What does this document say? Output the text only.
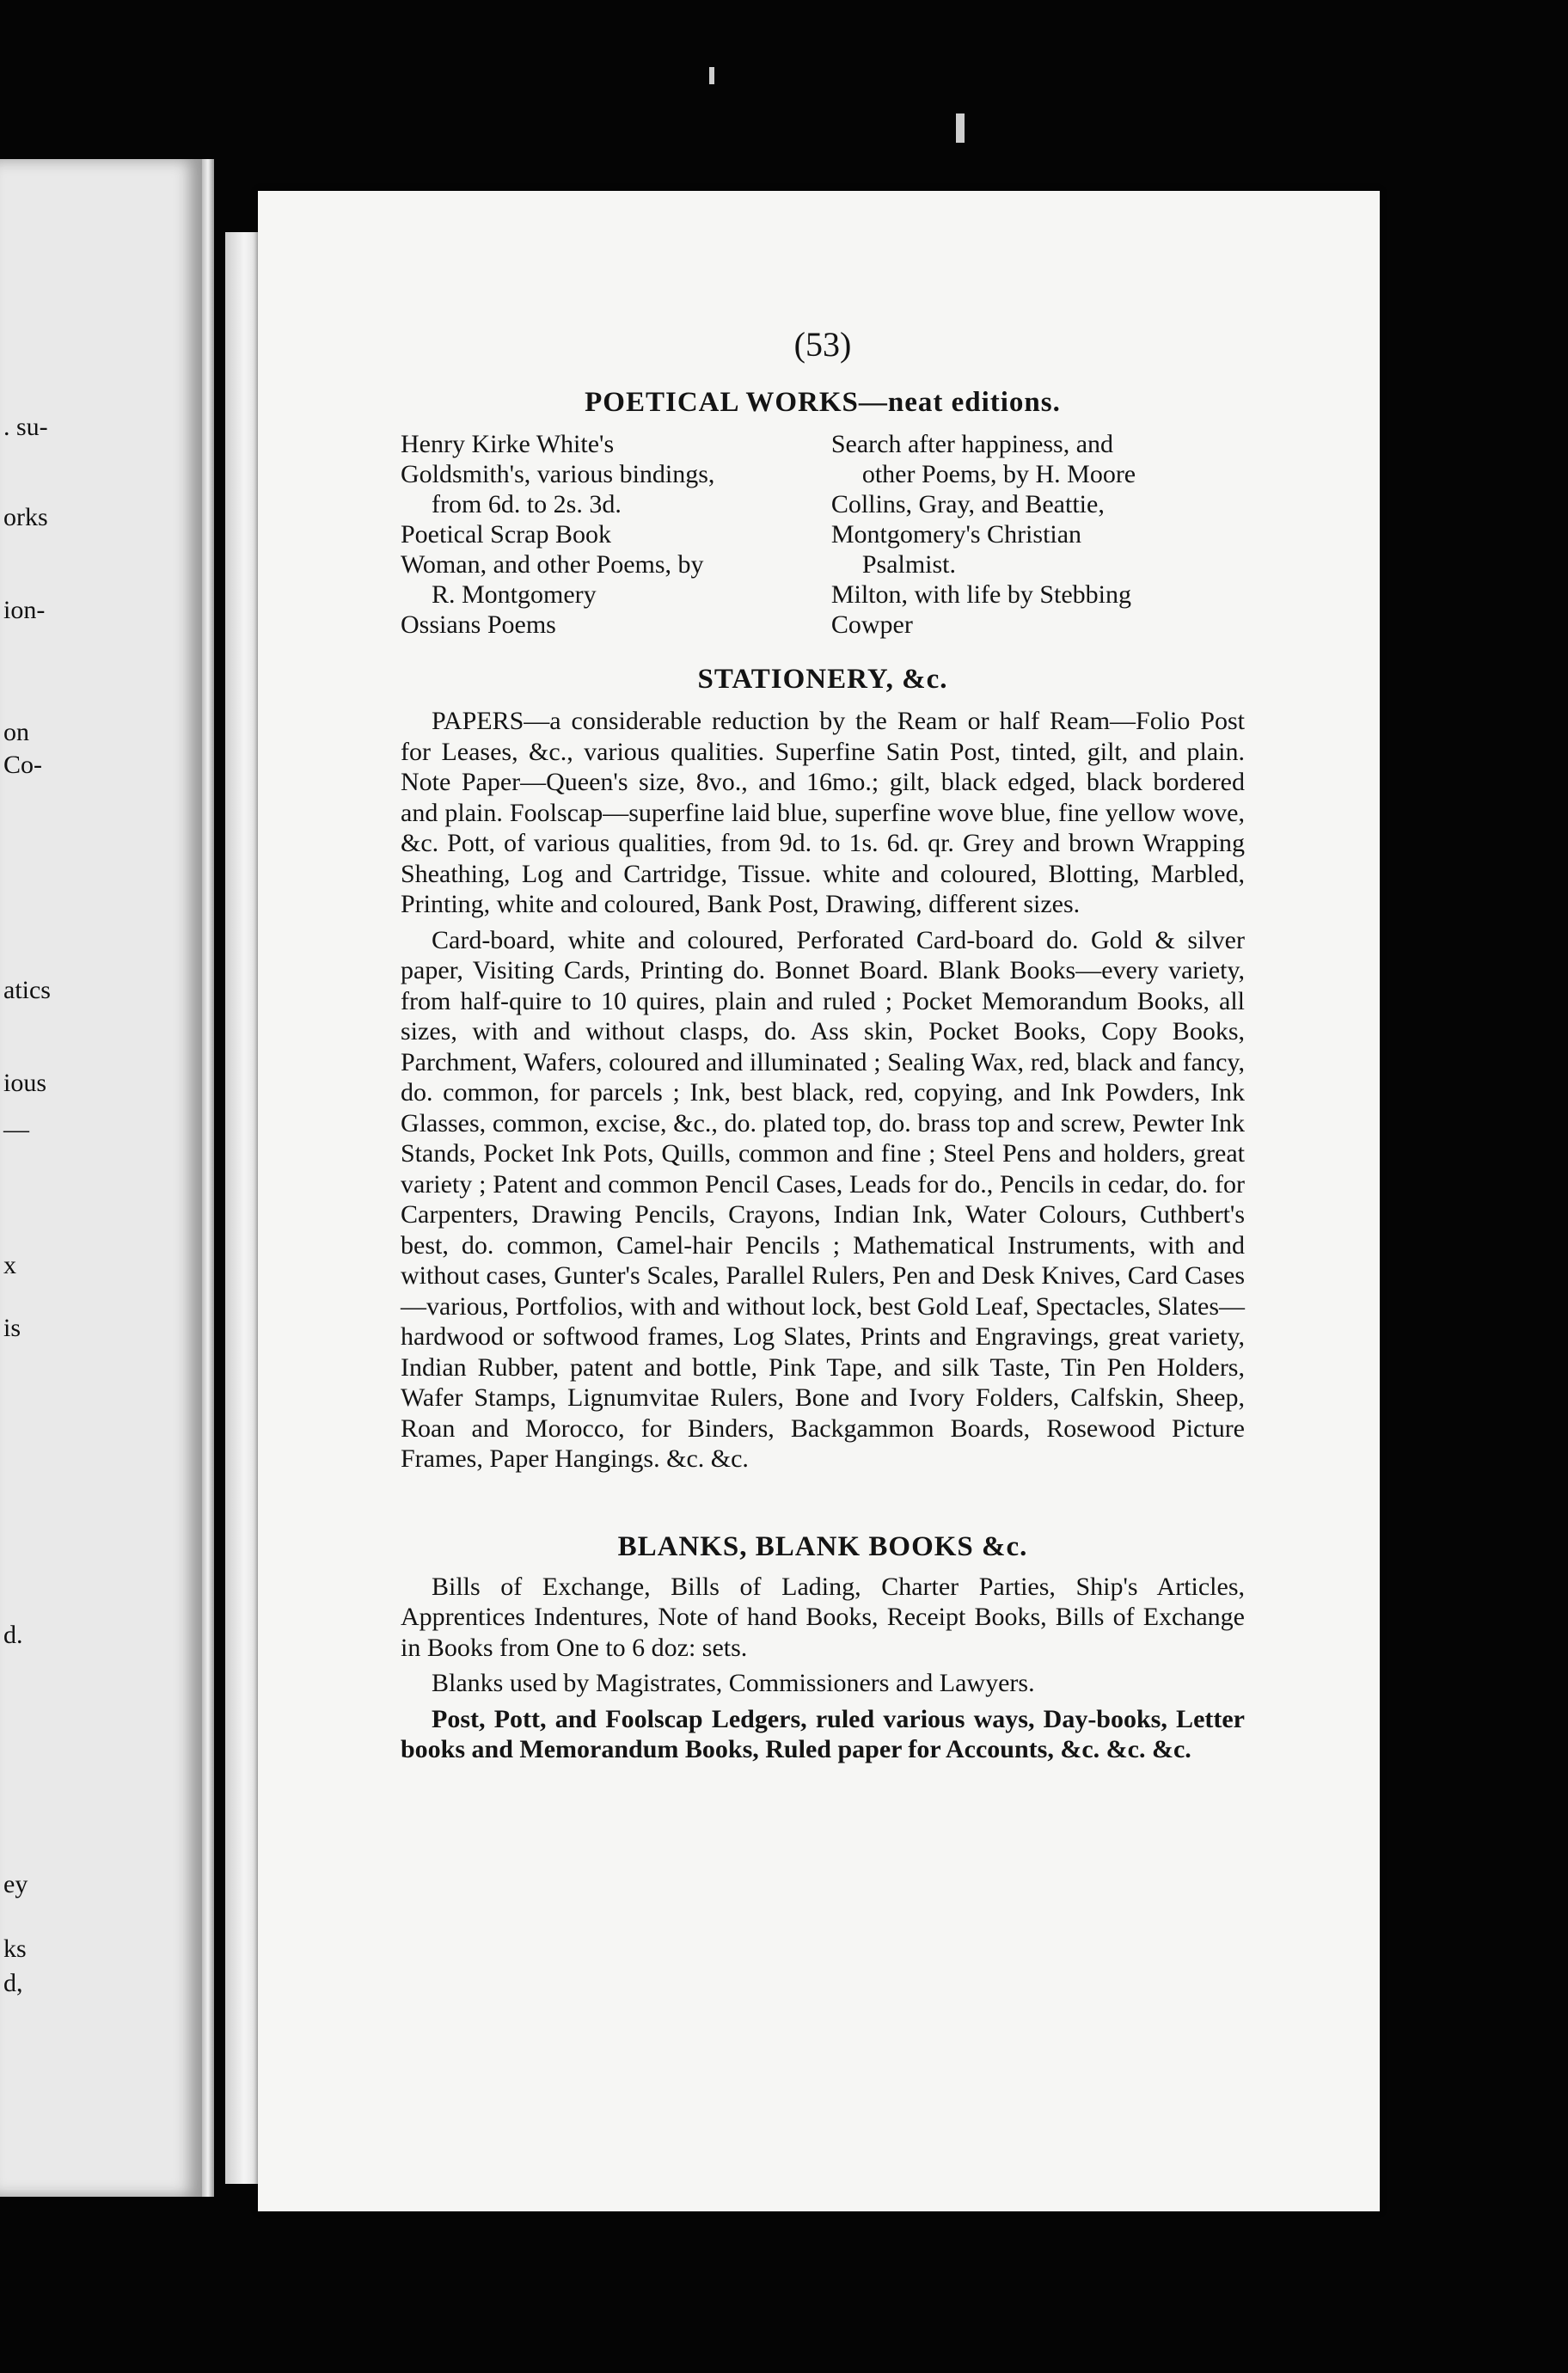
. su-
orks
ion-
on
Co-
atics
ious
—
x
is
d.
ey
ks
d,
(53)
POETICAL WORKS—neat editions.
Henry Kirke White's
Goldsmith's, various bindings,
from 6d. to 2s. 3d.
Poetical Scrap Book
Woman, and other Poems, by
R. Montgomery
Ossians Poems
Search after happiness, and
other Poems, by H. Moore
Collins, Gray, and Beattie,
Montgomery's Christian
Psalmist.
Milton, with life by Stebbing
Cowper
STATIONERY, &c.

PAPERS—a considerable reduction by the Ream or half Ream—Folio Post for Leases, &c., various qualities. Superfine Satin Post, tinted, gilt, and plain. Note Paper—Queen's size, 8vo., and 16mo.; gilt, black edged, black bordered and plain. Foolscap—superfine laid blue, superfine wove blue, fine yellow wove, &c. Pott, of various qualities, from 9d. to 1s. 6d. qr. Grey and brown Wrapping Sheathing, Log and Cartridge, Tissue. white and coloured, Blotting, Marbled, Printing, white and coloured, Bank Post, Drawing, different sizes.

Card-board, white and coloured, Perforated Card-board do. Gold & silver paper, Visiting Cards, Printing do. Bonnet Board. Blank Books—every variety, from half-quire to 10 quires, plain and ruled ; Pocket Memorandum Books, all sizes, with and without clasps, do. Ass skin, Pocket Books, Copy Books, Parchment, Wafers, coloured and illuminated ; Sealing Wax, red, black and fancy, do. common, for parcels ; Ink, best black, red, copying, and Ink Powders, Ink Glasses, common, excise, &c., do. plated top, do. brass top and screw, Pewter Ink Stands, Pocket Ink Pots, Quills, common and fine ; Steel Pens and holders, great variety ; Patent and common Pencil Cases, Leads for do., Pencils in cedar, do. for Carpenters, Drawing Pencils, Crayons, Indian Ink, Water Colours, Cuthbert's best, do. common, Camel-hair Pencils ; Mathematical Instruments, with and without cases, Gunter's Scales, Parallel Rulers, Pen and Desk Knives, Card Cases—various, Portfolios, with and without lock, best Gold Leaf, Spectacles, Slates—hardwood or softwood frames, Log Slates, Prints and Engravings, great variety, Indian Rubber, patent and bottle, Pink Tape, and silk Taste, Tin Pen Holders, Wafer Stamps, Lignumvitae Rulers, Bone and Ivory Folders, Calfskin, Sheep, Roan and Morocco, for Binders, Backgammon Boards, Rosewood Picture Frames, Paper Hangings. &c. &c.

BLANKS, BLANK BOOKS &c.

Bills of Exchange, Bills of Lading, Charter Parties, Ship's Articles, Apprentices Indentures, Note of hand Books, Receipt Books, Bills of Exchange in Books from One to 6 doz: sets.

Blanks used by Magistrates, Commissioners and Lawyers.

Post, Pott, and Foolscap Ledgers, ruled various ways, Day-books, Letter books and Memorandum Books, Ruled paper for Accounts, &c. &c. &c.
